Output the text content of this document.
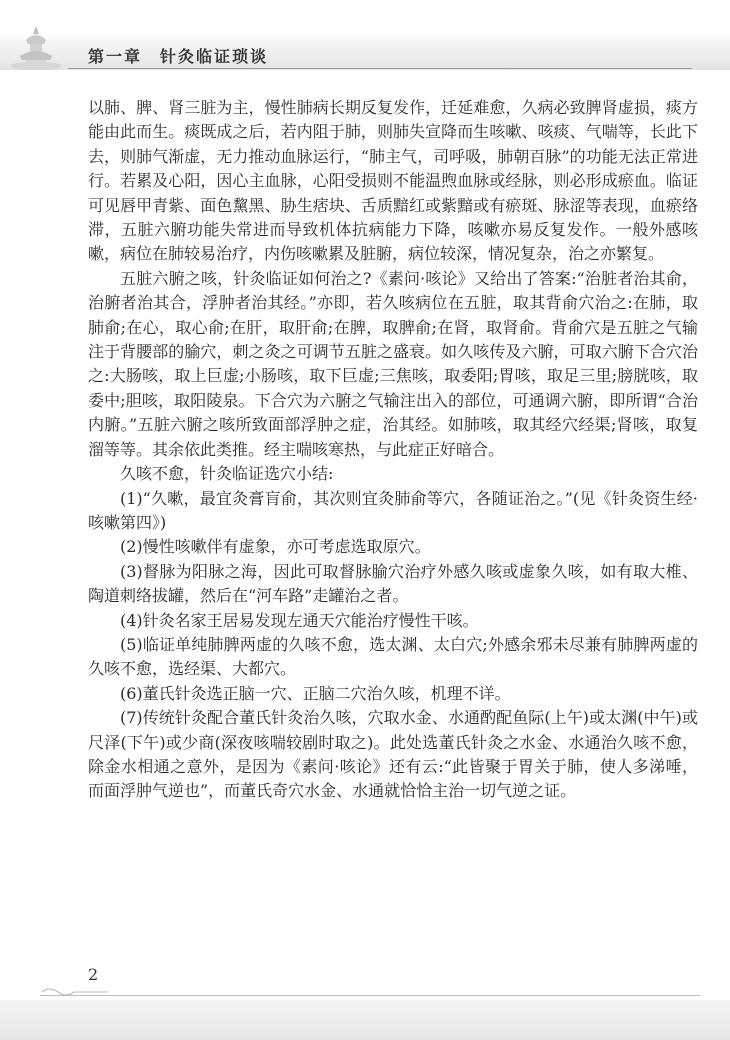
第一章　针灸临证琐谈

以肺、脾、肾三脏为主，慢性肺病长期反复发作，迁延难愈，久病必致脾肾虚损，痰方能由此而生。痰既成之后，若内阻于肺，则肺失宣降而生咳嗽、咳痰、气喘等，长此下去，则肺气渐虚，无力推动血脉运行，“肺主气，司呼吸，肺朝百脉”的功能无法正常进行。若累及心阳，因心主血脉，心阳受损则不能温煦血脉或经脉，则必形成瘀血。临证可见唇甲青紫、面色黧黑、胁生痞块、舌质黯红或紫黯或有瘀斑、脉涩等表现，血瘀络滞，五脏六腑功能失常进而导致机体抗病能力下降，咳嗽亦易反复发作。一般外感咳嗽，病位在肺较易治疗，内伤咳嗽累及脏腑，病位较深，情况复杂，治之亦繁复。

五脏六腑之咳，针灸临证如何治之?《素问·咳论》又给出了答案:“治脏者治其俞，治腑者治其合，浮肿者治其经。”亦即，若久咳病位在五脏，取其背俞穴治之:在肺，取肺俞;在心，取心俞;在肝，取肝俞;在脾，取脾俞;在肾，取肾俞。背俞穴是五脏之气输注于背腰部的腧穴，刺之灸之可调节五脏之盛衰。如久咳传及六腑，可取六腑下合穴治之:大肠咳，取上巨虚;小肠咳，取下巨虚;三焦咳，取委阳;胃咳，取足三里;膀胱咳，取委中;胆咳，取阳陵泉。下合穴为六腑之气输注出入的部位，可通调六腑，即所谓“合治内腑。”五脏六腑之咳所致面部浮肿之症，治其经。如肺咳，取其经穴经渠;肾咳，取复溜等等。其余依此类推。经主喘咳寒热，与此症正好暗合。

久咳不愈，针灸临证选穴小结:

(1)“久嗽，最宜灸膏肓俞，其次则宜灸肺俞等穴，各随证治之。”(见《针灸资生经·咳嗽第四》)

(2)慢性咳嗽伴有虚象，亦可考虑选取原穴。

(3)督脉为阳脉之海，因此可取督脉腧穴治疗外感久咳或虚象久咳，如有取大椎、陶道刺络拔罐，然后在“河车路”走罐治之者。

(4)针灸名家王居易发现左通天穴能治疗慢性干咳。

(5)临证单纯肺脾两虚的久咳不愈，选太渊、太白穴;外感余邪未尽兼有肺脾两虚的久咳不愈，选经渠、大都穴。

(6)董氏针灸选正脑一穴、正脑二穴治久咳，机理不详。

(7)传统针灸配合董氏针灸治久咳，穴取水金、水通酌配鱼际(上午)或太渊(中午)或尺泽(下午)或少商(深夜咳喘较剧时取之)。此处选董氏针灸之水金、水通治久咳不愈，除金水相通之意外，是因为《素问·咳论》还有云:“此皆聚于胃关于肺，使人多涕唾，而面浮肿气逆也”，而董氏奇穴水金、水通就恰恰主治一切气逆之证。

2
